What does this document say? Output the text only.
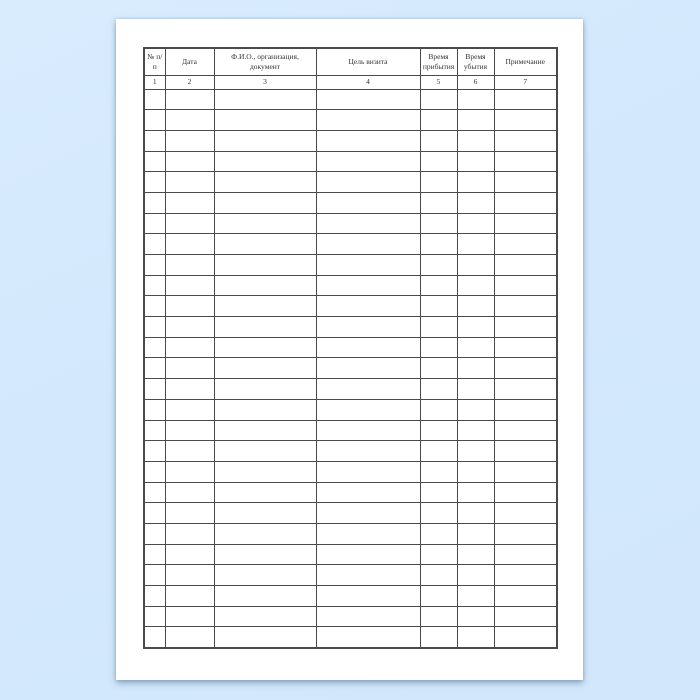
№ п/п	Дата	Ф.И.О., организация, документ	Цель визита	Время прибытия	Время убытия	Примечание
1	2	3	4	5	6	7
